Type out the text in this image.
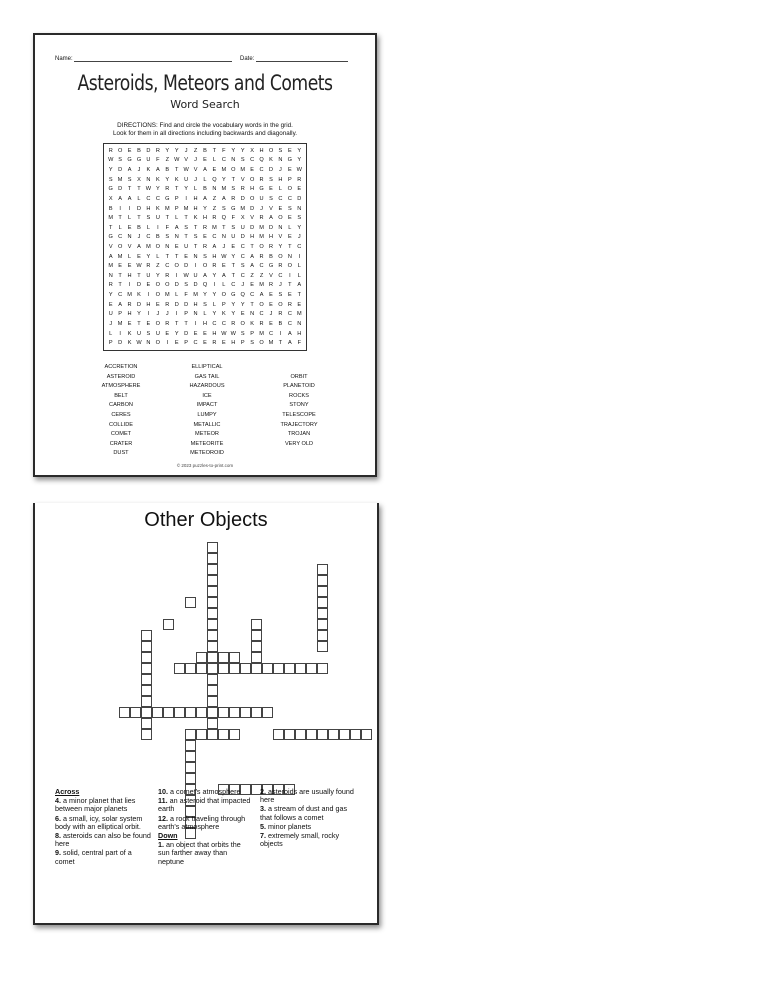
Name:	Date:
Asteroids, Meteors and Comets
Word Search
DIRECTIONS: Find and circle the vocabulary words in the grid.
Look for them in all directions including backwards and diagonally.
R O E	B D R Y	Y	J	Z	B	T	F	Y	Y	X H O S	E	Y
W S G G U	F	Z W V	J	E	L	C N S C Q K N G Y
Y D A	J	K	A	B	T W V	A	E M O M E C D	J	E W
S M S	X N K	Y	K U	J	L	Q Y	T	V O R S H P R
G D	T	T W Y R	T	Y	L	B N M S R H G E	L	O E
X	A	A	L	C C G P	I	H A	Z	A R D O U S C C D
B	I	I	D H K M P M H Y	Z	S G M D	J	V	E	S N
M T	L	T	S U	T	L	T	K H R Q F	X	V R A O E	S
T	L	E	B	L	I	F	A	S	T	R M T	S U D M D N	L	Y
G C N	J	C B	S N	T	S	E C N U D H M H V	E	J
V O V	A M O N E U	T	R A	J	E C	T O R Y	T	C
A M L	E	Y	L	T	T	E N S H W Y C A R B O N	I
M E	E W R	Z	C O D	I	O R E	T	S	A C G R O	L
N	T	H	T	U Y R	I	W U A	Y	A	T	C	Z	Z	V C	I	L
R	T	I	D E O O D S D Q	I	L	C	J	E M R	J	T	A
Y C M K	I	O M L	F M Y	Y O G Q C A	E	S	E	T
E	A R D H E R D D H S	L	P	Y	Y	T O E O R E
U P H Y	I	J	J	I	P N	L	Y	K	Y	E N C	J	R C M
J	M E	T	E O R	T	T	I	H C C R O K R E	B C N
L	I	K U S U E	Y D E	E H W W S	P M C	I	A H
P D K W N O	I	E	P C E R E H P	S O M T	A	F
ACCRETION
ASTEROID
ATMOSPHERE
BELT
CARBON
CERES
COLLIDE
COMET
CRATER
DUST
ELLIPTICAL
GAS TAIL
HAZARDOUS
ICE
IMPACT
LUMPY
METALLIC
METEOR
METEORITE
METEOROID
ORBIT
PLANETOID
ROCKS
STONY
TELESCOPE
TRAJECTORY
TROJAN
VERY OLD
© 2023 puzzles-to-print.com
Other Objects

Across

4. a minor planet that lies between major planets

6. a small, icy, solar system body with an elliptical orbit.

8. asteroids can also be found here

9. solid, central part of a comet

10. a comet's atmosphere

11. an asteroid that impacted earth

12. a rock traveling through earth's atmosphere

Down

1. an object that orbits the sun farther away than neptune

2. asteroids are usually found here

3. a stream of dust and gas that follows a comet

5. minor planets

7. extremely small, rocky objects
